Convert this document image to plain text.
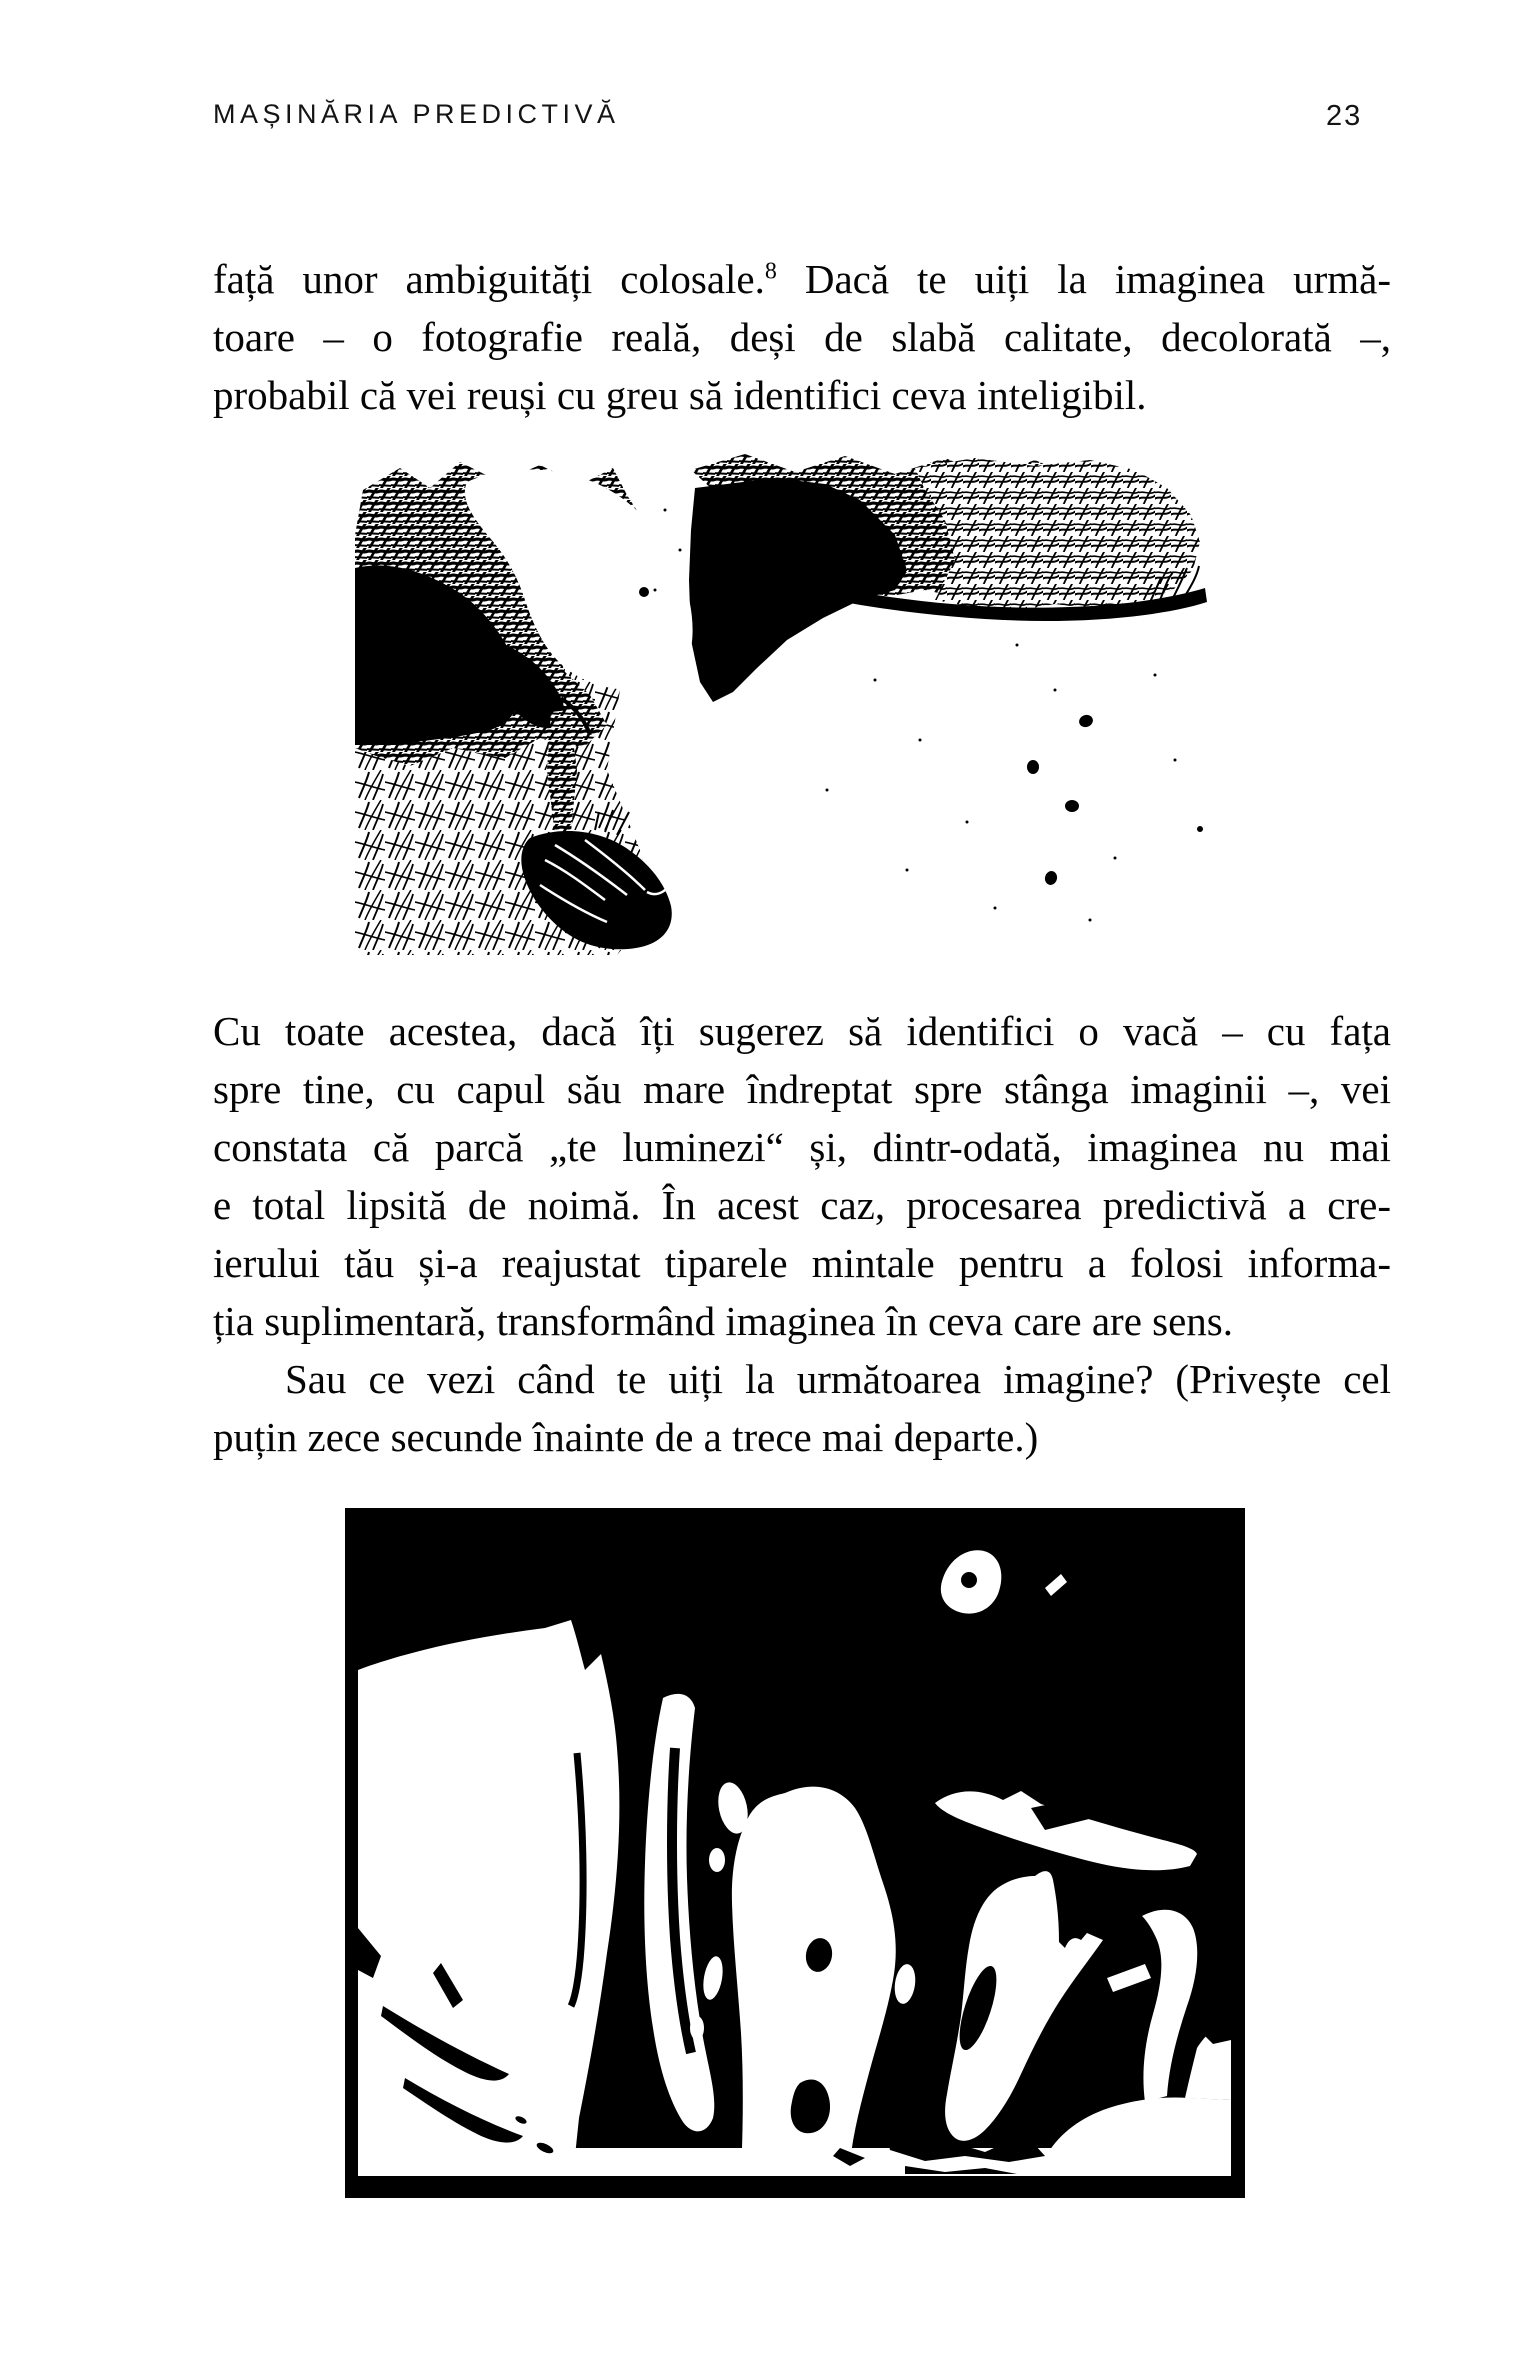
MAȘINĂRIA PREDICTIVĂ	23
față unor ambiguități colosale.$^8$ Dacă te uiți la imaginea urmă-
toare – o fotografie reală, deși de slabă calitate, decolorată –,
probabil că vei reuși cu greu să identifici ceva inteligibil.
Cu toate acestea, dacă îți sugerez să identifici o vacă – cu fața
spre tine, cu capul său mare îndreptat spre stânga imaginii –, vei
constata că parcă „te luminezi“ și, dintr-odată, imaginea nu mai
e total lipsită de noimă. În acest caz, procesarea predictivă a cre-
ierului tău și-a reajustat tiparele mintale pentru a folosi informa-
ția suplimentară, transformând imaginea în ceva care are sens.
Sau ce vezi când te uiți la următoarea imagine? (Privește cel
puțin zece secunde înainte de a trece mai departe.)
